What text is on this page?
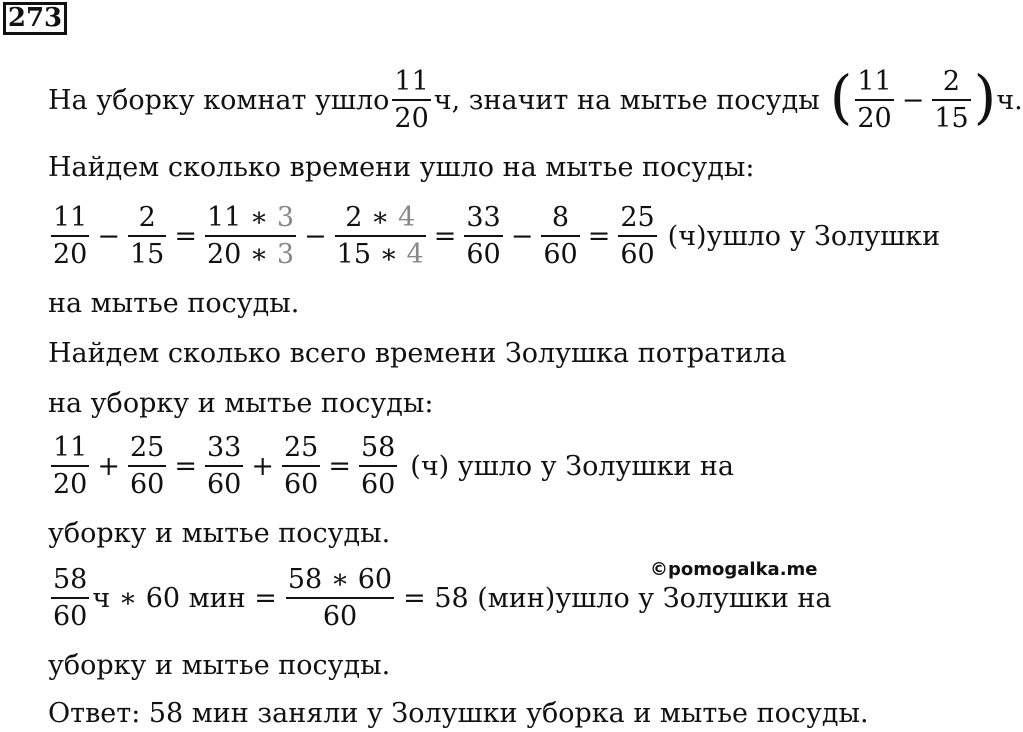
273
На уборку комнат ушло $\frac{11}{20} ч$, значит на мытье посуды ( $\frac{11}{20} - \frac{2}{15}$ ) ч.
Найдем сколько времени ушло на мытье посуды:
$\frac{11}{20} - \frac{2}{15} = \frac{11 ∗ 3}{20 ∗ 3} - \frac{2 ∗ 4}{15 ∗ 4} = \frac{33}{60} - \frac{8}{60} = \frac{25}{60}$ (ч)ушло у Золушки
на мытье посуды.
Найдем сколько всего времени Золушка потратила
на уборку и мытье посуды:
$\frac{11}{20} + \frac{25}{60} = \frac{33}{60} + \frac{25}{60} = \frac{58}{60} (ч)$ ушло у Золушки на
уборку и мытье посуды.
©pomogalka.me
$\frac{58}{60}$ ч ∗ 60 мин = $\frac{58 ∗ 60}{60} = 58$ (мин)ушло у Золушки на
уборку и мытье посуды.
Ответ: 58 мин заняли у Золушки уборка и мытье посуды.
